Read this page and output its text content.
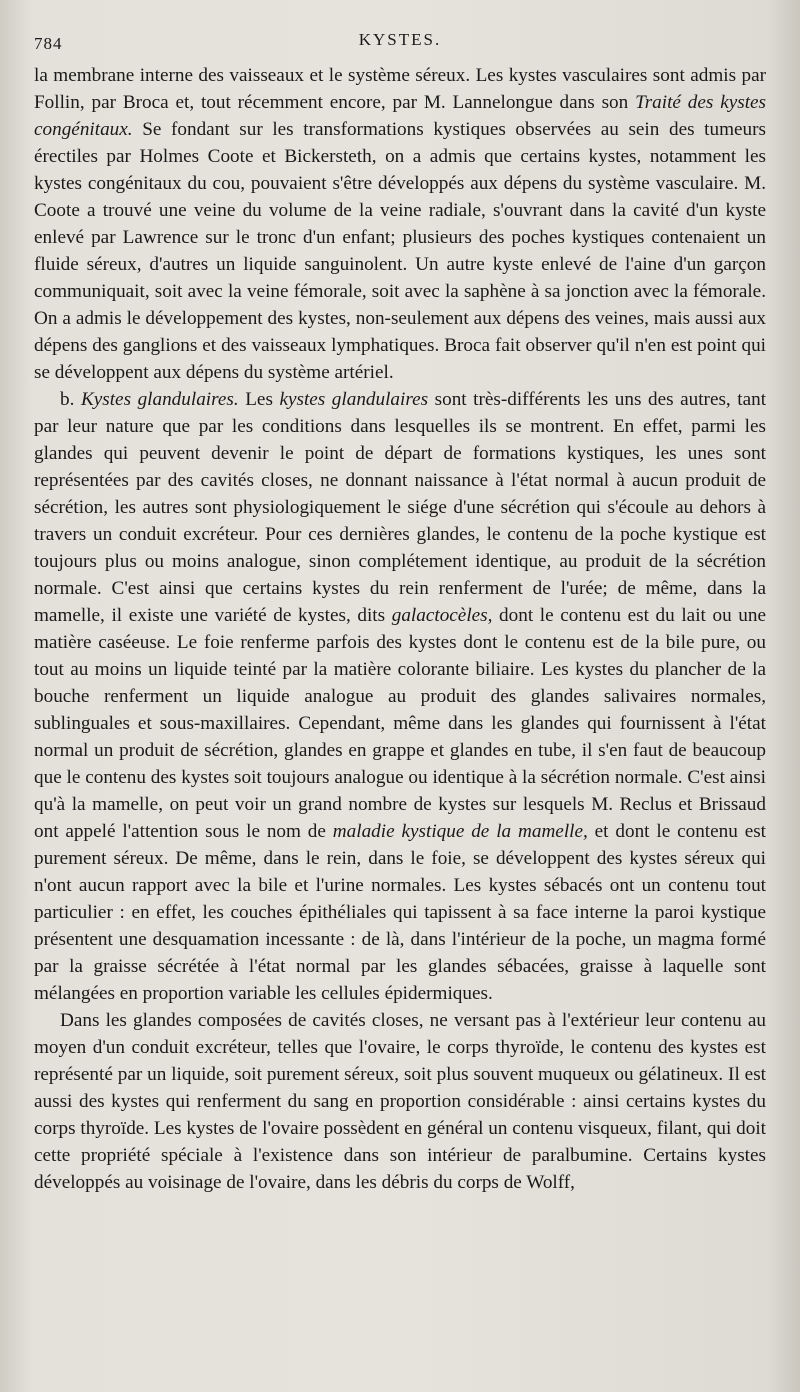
784	KYSTES.

la membrane interne des vaisseaux et le système séreux. Les kystes vasculaires sont admis par Follin, par Broca et, tout récemment encore, par M. Lannelongue dans son Traité des kystes congénitaux. Se fondant sur les transformations kystiques observées au sein des tumeurs érectiles par Holmes Coote et Bickersteth, on a admis que certains kystes, notamment les kystes congénitaux du cou, pouvaient s'être développés aux dépens du système vasculaire. M. Coote a trouvé une veine du volume de la veine radiale, s'ouvrant dans la cavité d'un kyste enlevé par Lawrence sur le tronc d'un enfant; plusieurs des poches kystiques contenaient un fluide séreux, d'autres un liquide sanguinolent. Un autre kyste enlevé de l'aine d'un garçon communiquait, soit avec la veine fémorale, soit avec la saphène à sa jonction avec la fémorale. On a admis le développement des kystes, non-seulement aux dépens des veines, mais aussi aux dépens des ganglions et des vaisseaux lymphatiques. Broca fait observer qu'il n'en est point qui se développent aux dépens du système artériel.

b. Kystes glandulaires. Les kystes glandulaires sont très-différents les uns des autres, tant par leur nature que par les conditions dans lesquelles ils se montrent. En effet, parmi les glandes qui peuvent devenir le point de départ de formations kystiques, les unes sont représentées par des cavités closes, ne donnant naissance à l'état normal à aucun produit de sécrétion, les autres sont physiologiquement le siége d'une sécrétion qui s'écoule au dehors à travers un conduit excréteur. Pour ces dernières glandes, le contenu de la poche kystique est toujours plus ou moins analogue, sinon complétement identique, au produit de la sécrétion normale. C'est ainsi que certains kystes du rein renferment de l'urée; de même, dans la mamelle, il existe une variété de kystes, dits galactocèles, dont le contenu est du lait ou une matière caséeuse. Le foie renferme parfois des kystes dont le contenu est de la bile pure, ou tout au moins un liquide teinté par la matière colorante biliaire. Les kystes du plancher de la bouche renferment un liquide analogue au produit des glandes salivaires normales, sublinguales et sous-maxillaires. Cependant, même dans les glandes qui fournissent à l'état normal un produit de sécrétion, glandes en grappe et glandes en tube, il s'en faut de beaucoup que le contenu des kystes soit toujours analogue ou identique à la sécrétion normale. C'est ainsi qu'à la mamelle, on peut voir un grand nombre de kystes sur lesquels M. Reclus et Brissaud ont appelé l'attention sous le nom de maladie kystique de la mamelle, et dont le contenu est purement séreux. De même, dans le rein, dans le foie, se développent des kystes séreux qui n'ont aucun rapport avec la bile et l'urine normales. Les kystes sébacés ont un contenu tout particulier : en effet, les couches épithéliales qui tapissent à sa face interne la paroi kystique présentent une desquamation incessante : de là, dans l'intérieur de la poche, un magma formé par la graisse sécrétée à l'état normal par les glandes sébacées, graisse à laquelle sont mélangées en proportion variable les cellules épidermiques.

Dans les glandes composées de cavités closes, ne versant pas à l'extérieur leur contenu au moyen d'un conduit excréteur, telles que l'ovaire, le corps thyroïde, le contenu des kystes est représenté par un liquide, soit purement séreux, soit plus souvent muqueux ou gélatineux. Il est aussi des kystes qui renferment du sang en proportion considérable : ainsi certains kystes du corps thyroïde. Les kystes de l'ovaire possèdent en général un contenu visqueux, filant, qui doit cette propriété spéciale à l'existence dans son intérieur de paralbumine. Certains kystes développés au voisinage de l'ovaire, dans les débris du corps de Wolff,
